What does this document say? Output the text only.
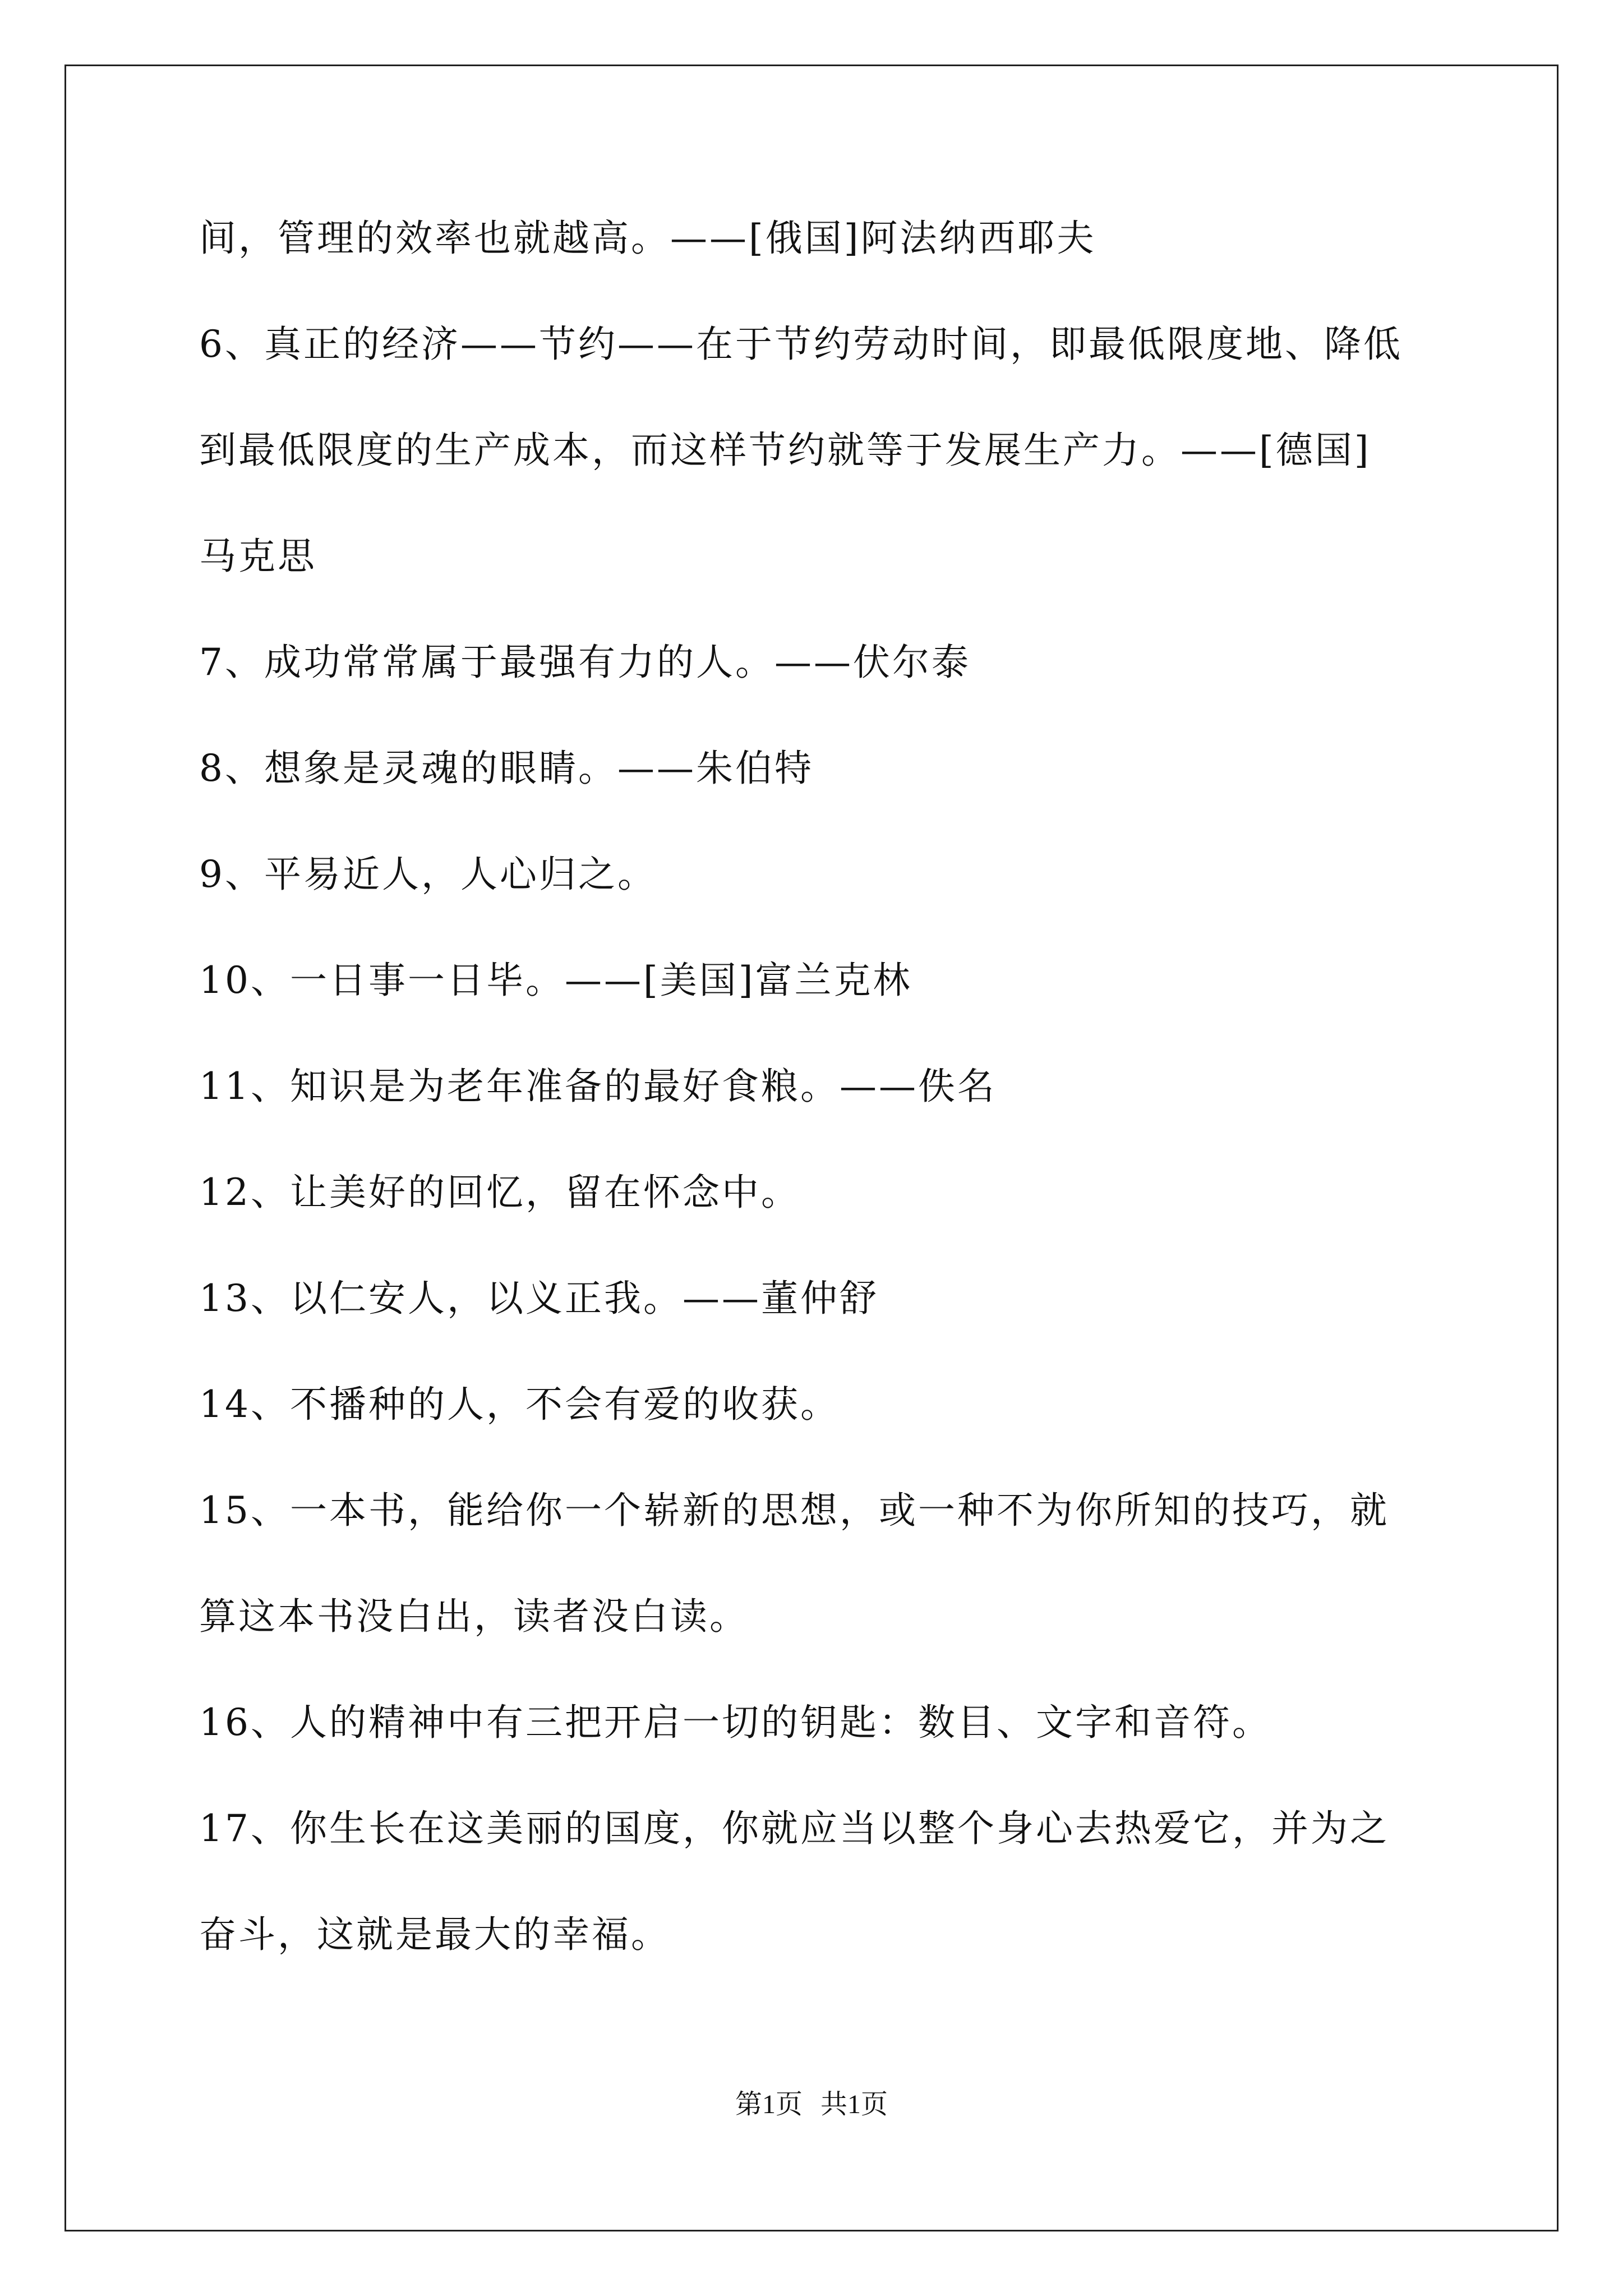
间，管理的效率也就越高。——[俄国]阿法纳西耶夫
6、真正的经济——节约——在于节约劳动时间，即最低限度地、降低
到最低限度的生产成本，而这样节约就等于发展生产力。——[德国]
马克思
7、成功常常属于最强有力的人。——伏尔泰
8、想象是灵魂的眼睛。——朱伯特
9、平易近人，人心归之。
10、一日事一日毕。——[美国]富兰克林
11、知识是为老年准备的最好食粮。——佚名
12、让美好的回忆，留在怀念中。
13、以仁安人，以义正我。——董仲舒
14、不播种的人，不会有爱的收获。
15、一本书，能给你一个崭新的思想，或一种不为你所知的技巧，就
算这本书没白出，读者没白读。
16、人的精神中有三把开启一切的钥匙：数目、文字和音符。
17、你生长在这美丽的国度，你就应当以整个身心去热爱它，并为之
奋斗，这就是最大的幸福。
第1页 共1页
